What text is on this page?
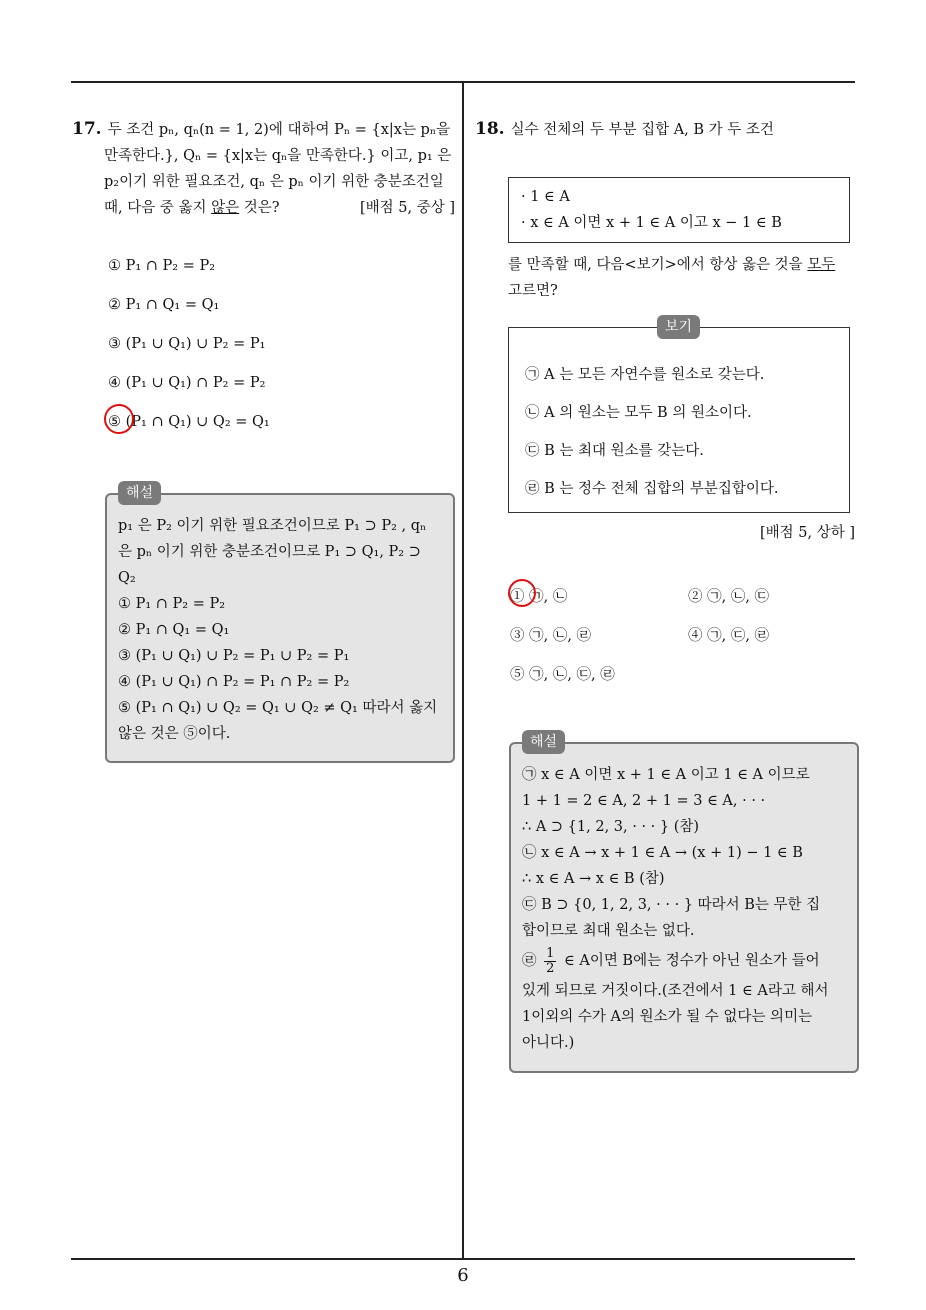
6
17. 두 조건 pₙ, qₙ(n = 1, 2)에 대하여 Pₙ = {x|x는 pₙ을
만족한다.}, Qₙ = {x|x는 qₙ을 만족한다.} 이고, p₁ 은
p₂이기 위한 필요조건, qₙ 은 pₙ 이기 위한 충분조건일
때, 다음 중 옳지 않은 것은?	[배점 5, 중상 ]
① P₁ ∩ P₂ = P₂
② P₁ ∩ Q₁ = Q₁
③ (P₁ ∪ Q₁) ∪ P₂ = P₁
④ (P₁ ∪ Q₁) ∩ P₂ = P₂
⑤ (P₁ ∩ Q₁) ∪ Q₂ = Q₁
p₁ 은 P₂ 이기 위한 필요조건이므로 P₁ ⊃ P₂ , qₙ
은 pₙ 이기 위한 충분조건이므로 P₁ ⊃ Q₁, P₂ ⊃
Q₂
① P₁ ∩ P₂ = P₂
② P₁ ∩ Q₁ = Q₁
③ (P₁ ∪ Q₁) ∪ P₂ = P₁ ∪ P₂ = P₁
④ (P₁ ∪ Q₁) ∩ P₂ = P₁ ∩ P₂ = P₂
⑤ (P₁ ∩ Q₁) ∪ Q₂ = Q₁ ∪ Q₂ ≠ Q₁ 따라서 옳지
않은 것은 ⑤이다.
해설
18. 실수 전체의 두 부분 집합 A, B 가 두 조건
· 1 ∈ A
· x ∈ A 이면 x + 1 ∈ A 이고 x − 1 ∈ B
를 만족할 때, 다음<보기>에서 항상 옳은 것을 모두
고르면?
㉠ A 는 모든 자연수를 원소로 갖는다.
㉡ A 의 원소는 모두 B 의 원소이다.
㉢ B 는 최대 원소를 갖는다.
㉣ B 는 정수 전체 집합의 부분집합이다.
보기
[배점 5, 상하 ]
① ㉠, ㉡	② ㉠, ㉡, ㉢
③ ㉠, ㉡, ㉣	④ ㉠, ㉢, ㉣
⑤ ㉠, ㉡, ㉢, ㉣
㉠ x ∈ A 이면 x + 1 ∈ A 이고 1 ∈ A 이므로
1 + 1 = 2 ∈ A, 2 + 1 = 3 ∈ A, · · ·
∴ A ⊃ {1, 2, 3, · · · } (참)
㉡ x ∈ A → x + 1 ∈ A → (x + 1) − 1 ∈ B
∴ x ∈ A → x ∈ B (참)
㉢ B ⊃ {0, 1, 2, 3, · · · } 따라서 B는 무한 집
합이므로 최대 원소는 없다.
㉣ $\frac{1}{2}$ ∈ A이면 B에는 정수가 아닌 원소가 들어
있게 되므로 거짓이다.(조건에서 1 ∈ A라고 해서
1이외의 수가 A의 원소가 될 수 없다는 의미는
아니다.)
해설
